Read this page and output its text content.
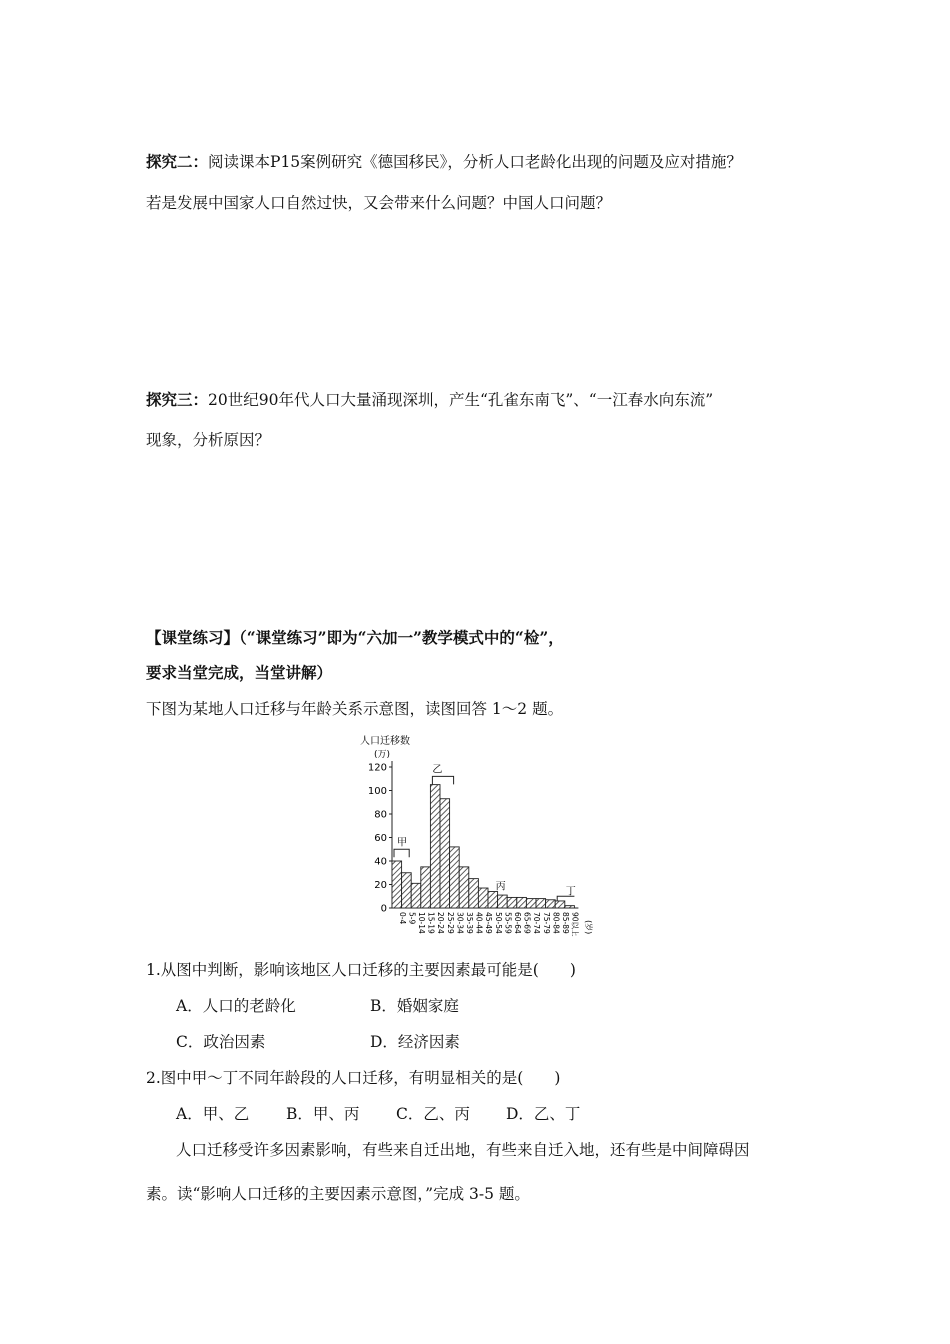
探究二：阅读课本P15案例研究《德国移民》，分析人口老龄化出现的问题及应对措施？
若是发展中国家人口自然过快，又会带来什么问题？中国人口问题？
探究三：20世纪90年代人口大量涌现深圳，产生“孔雀东南飞”、“一江春水向东流”
现象，分析原因？
【课堂练习】（“课堂练习”即为“六加一”教学模式中的“检”，
要求当堂完成，当堂讲解）
下图为某地人口迁移与年龄关系示意图，读图回答 1～2 题。
人口迁移数
(万)
0
20
40
60
80
100
120
0-4 5-9 10-14 15-19 20-24 25-29 30-34 35-39 40-44 45-49 50-54 55-59 60-64 65-69 70-74 75-79 80-84 85-89 90以上
甲
乙
丙	丁
(岁)
1.从图中判断，影响该地区人口迁移的主要因素最可能是(　　)
A．人口的老龄化	B．婚姻家庭
C．政治因素	D．经济因素
2.图中甲～丁不同年龄段的人口迁移，有明显相关的是(　　)
A．甲、乙 B．甲、丙 C．乙、丙 D．乙、丁
人口迁移受许多因素影响，有些来自迁出地，有些来自迁入地，还有些是中间障碍因
素。读“影响人口迁移的主要因素示意图，”完成 3-5 题。
